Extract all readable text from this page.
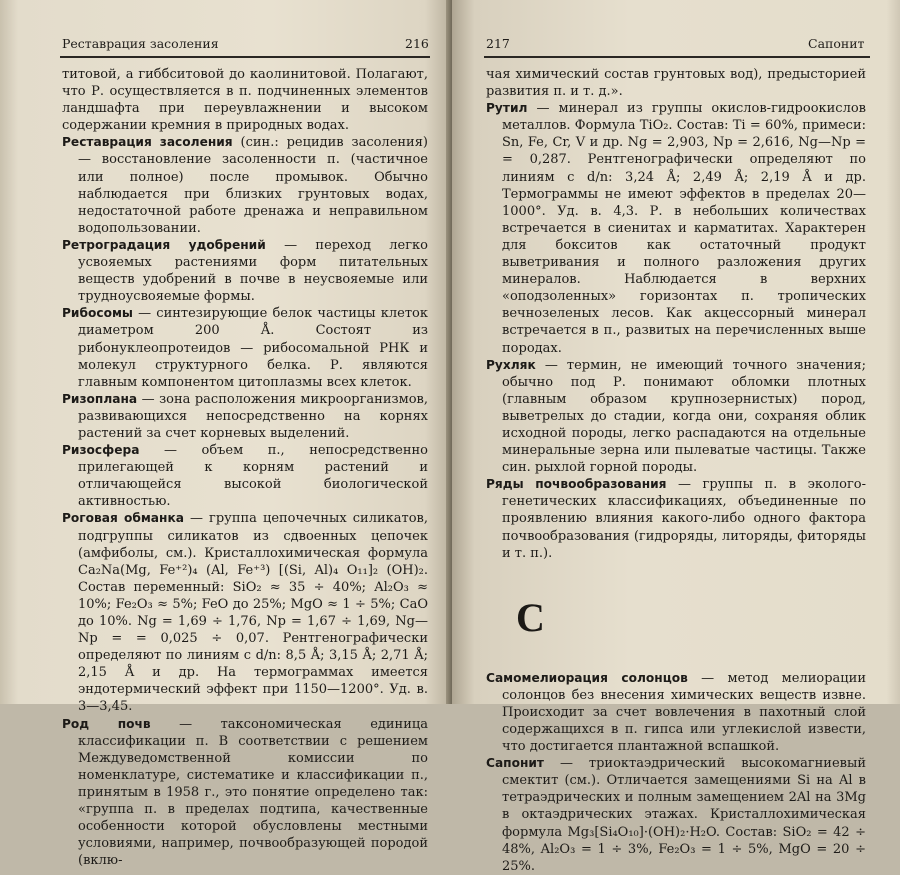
Реставрация засоления	216

титовой, а гиббситовой до каолинитовой. Полагают, что Р. осуществляется в п. подчиненных элементов ландшафта при переувлажнении и высоком содержании кремния в природных водах.

Реставрация засоления (син.: рецидив засоления) — восстановление засоленности п. (частичное или полное) после промывок. Обычно наблюдается при близких грунтовых водах, недостаточной работе дренажа и неправильном водопользовании.

Ретроградация удобрений — переход легко усвояемых растениями форм питательных веществ удобрений в почве в неусвояемые или трудноусвояемые формы.

Рибосомы — синтезирующие белок частицы клеток диаметром 200 Å. Состоят из рибонуклеопротеидов — рибосомальной РНК и молекул структурного белка. Р. являются главным компонентом цитоплазмы всех клеток.

Ризоплана — зона расположения микроорганизмов, развивающихся непосредственно на корнях растений за счет корневых выделений.

Ризосфера — объем п., непосредственно прилегающей к корням растений и отличающейся высокой биологической активностью.

Роговая обманка — группа цепочечных силикатов, подгруппы силикатов из сдвоенных цепочек (амфиболы, см.). Кристаллохимическая формула Ca₂Na(Mg, Fe⁺²)₄ (Al, Fe⁺³) [(Si, Al)₄ O₁₁]₂ (OH)₂. Состав переменный: SiO₂ ≈ 35 ÷ 40%; Al₂O₃ ≈ 10%; Fe₂O₃ ≈ 5%; FeO до 25%; MgO ≈ 1 ÷ 5%; CaO до 10%. Ng = 1,69 ÷ 1,76, Np = 1,67 ÷ 1,69, Ng—Np = = 0,025 ÷ 0,07. Рентгенографически определяют по линиям с d/n: 8,5 Å; 3,15 Å; 2,71 Å; 2,15 Å и др. На термограммах имеется эндотермический эффект при 1150—1200°. Уд. в. 3—3,45.

Род почв — таксономическая единица классификации п. В соответствии с решением Междуведомственной комиссии по номенклатуре, систематике и классификации п., принятым в 1958 г., это понятие определено так: «группа п. в пределах подтипа, качественные особенности которой обусловлены местными условиями, например, почвообразующей породой (вклю-

217	Сапонит

чая химический состав грунтовых вод), предысторией развития п. и т. д.».

Рутил — минерал из группы окислов-гидроокислов металлов. Формула TiO₂. Состав: Ti = 60%, примеси: Sn, Fe, Cr, V и др. Ng = 2,903, Np = 2,616, Ng—Np = = 0,287. Рентгенографически определяют по линиям с d/n: 3,24 Å; 2,49 Å; 2,19 Å и др. Термограммы не имеют эффектов в пределах 20—1000°. Уд. в. 4,3. Р. в небольших количествах встречается в сиенитах и карматитах. Характерен для бокситов как остаточный продукт выветривания и полного разложения других минералов. Наблюдается в верхних «оподзоленных» горизонтах п. тропических вечнозеленых лесов. Как акцессорный минерал встречается в п., развитых на перечисленных выше породах.

Рухляк — термин, не имеющий точного значения; обычно под Р. понимают обломки плотных (главным образом крупнозернистых) пород, выветрелых до стадии, когда они, сохраняя облик исходной породы, легко распадаются на отдельные минеральные зерна или пылеватые частицы. Также син. рыхлой горной породы.

Ряды почвообразования — группы п. в эколого-генетических классификациях, объединенные по проявлению влияния какого-либо одного фактора почвообразования (гидроряды, литоряды, фиторяды и т. п.).

С

Самомелиорация солонцов — метод мелиорации солонцов без внесения химических веществ извне. Происходит за счет вовлечения в пахотный слой содержащихся в п. гипса или углекислой извести, что достигается плантажной вспашкой.

Сапонит — триоктаэдрический высокомагниевый смектит (см.). Отличается замещениями Si на Al в тетраэдрических и полным замещением 2Al на 3Mg в октаэдрических этажах. Кристаллохимическая формула Mg₃[Si₄O₁₀]·(OH)₂·H₂O. Состав: SiO₂ = 42 ÷ 48%, Al₂O₃ = 1 ÷ 3%, Fe₂O₃ = 1 ÷ 5%, MgO = 20 ÷ 25%.
